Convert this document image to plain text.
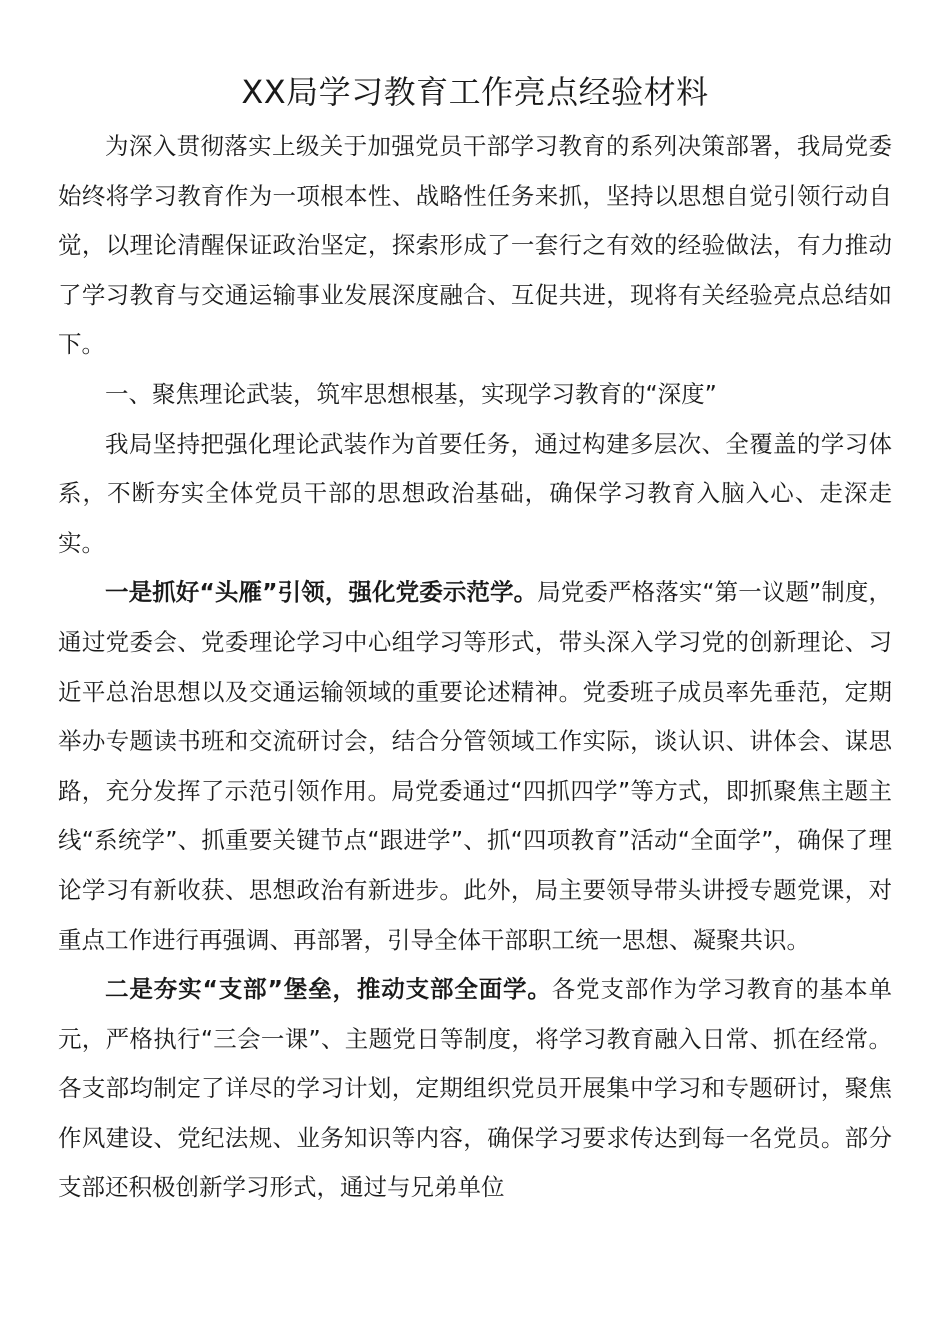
XX局学习教育工作亮点经验材料

为深入贯彻落实上级关于加强党员干部学习教育的系列决策部署，我局党委始终将学习教育作为一项根本性、战略性任务来抓，坚持以思想自觉引领行动自觉，以理论清醒保证政治坚定，探索形成了一套行之有效的经验做法，有力推动了学习教育与交通运输事业发展深度融合、互促共进，现将有关经验亮点总结如下。

一、聚焦理论武装，筑牢思想根基，实现学习教育的“深度”

我局坚持把强化理论武装作为首要任务，通过构建多层次、全覆盖的学习体系，不断夯实全体党员干部的思想政治基础，确保学习教育入脑入心、走深走实。

一是抓好“头雁”引领，强化党委示范学。局党委严格落实“第一议题”制度，通过党委会、党委理论学习中心组学习等形式，带头深入学习党的创新理论、习近平总治思想以及交通运输领域的重要论述精神。党委班子成员率先垂范，定期举办专题读书班和交流研讨会，结合分管领域工作实际，谈认识、讲体会、谋思路，充分发挥了示范引领作用。局党委通过“四抓四学”等方式，即抓聚焦主题主线“系统学”、抓重要关键节点“跟进学”、抓“四项教育”活动“全面学”，确保了理论学习有新收获、思想政治有新进步。此外，局主要领导带头讲授专题党课，对重点工作进行再强调、再部署，引导全体干部职工统一思想、凝聚共识。

二是夯实“支部”堡垒，推动支部全面学。各党支部作为学习教育的基本单元，严格执行“三会一课”、主题党日等制度，将学习教育融入日常、抓在经常。各支部均制定了详尽的学习计划，定期组织党员开展集中学习和专题研讨，聚焦作风建设、党纪法规、业务知识等内容，确保学习要求传达到每一名党员。部分支部还积极创新学习形式，通过与兄弟单位
